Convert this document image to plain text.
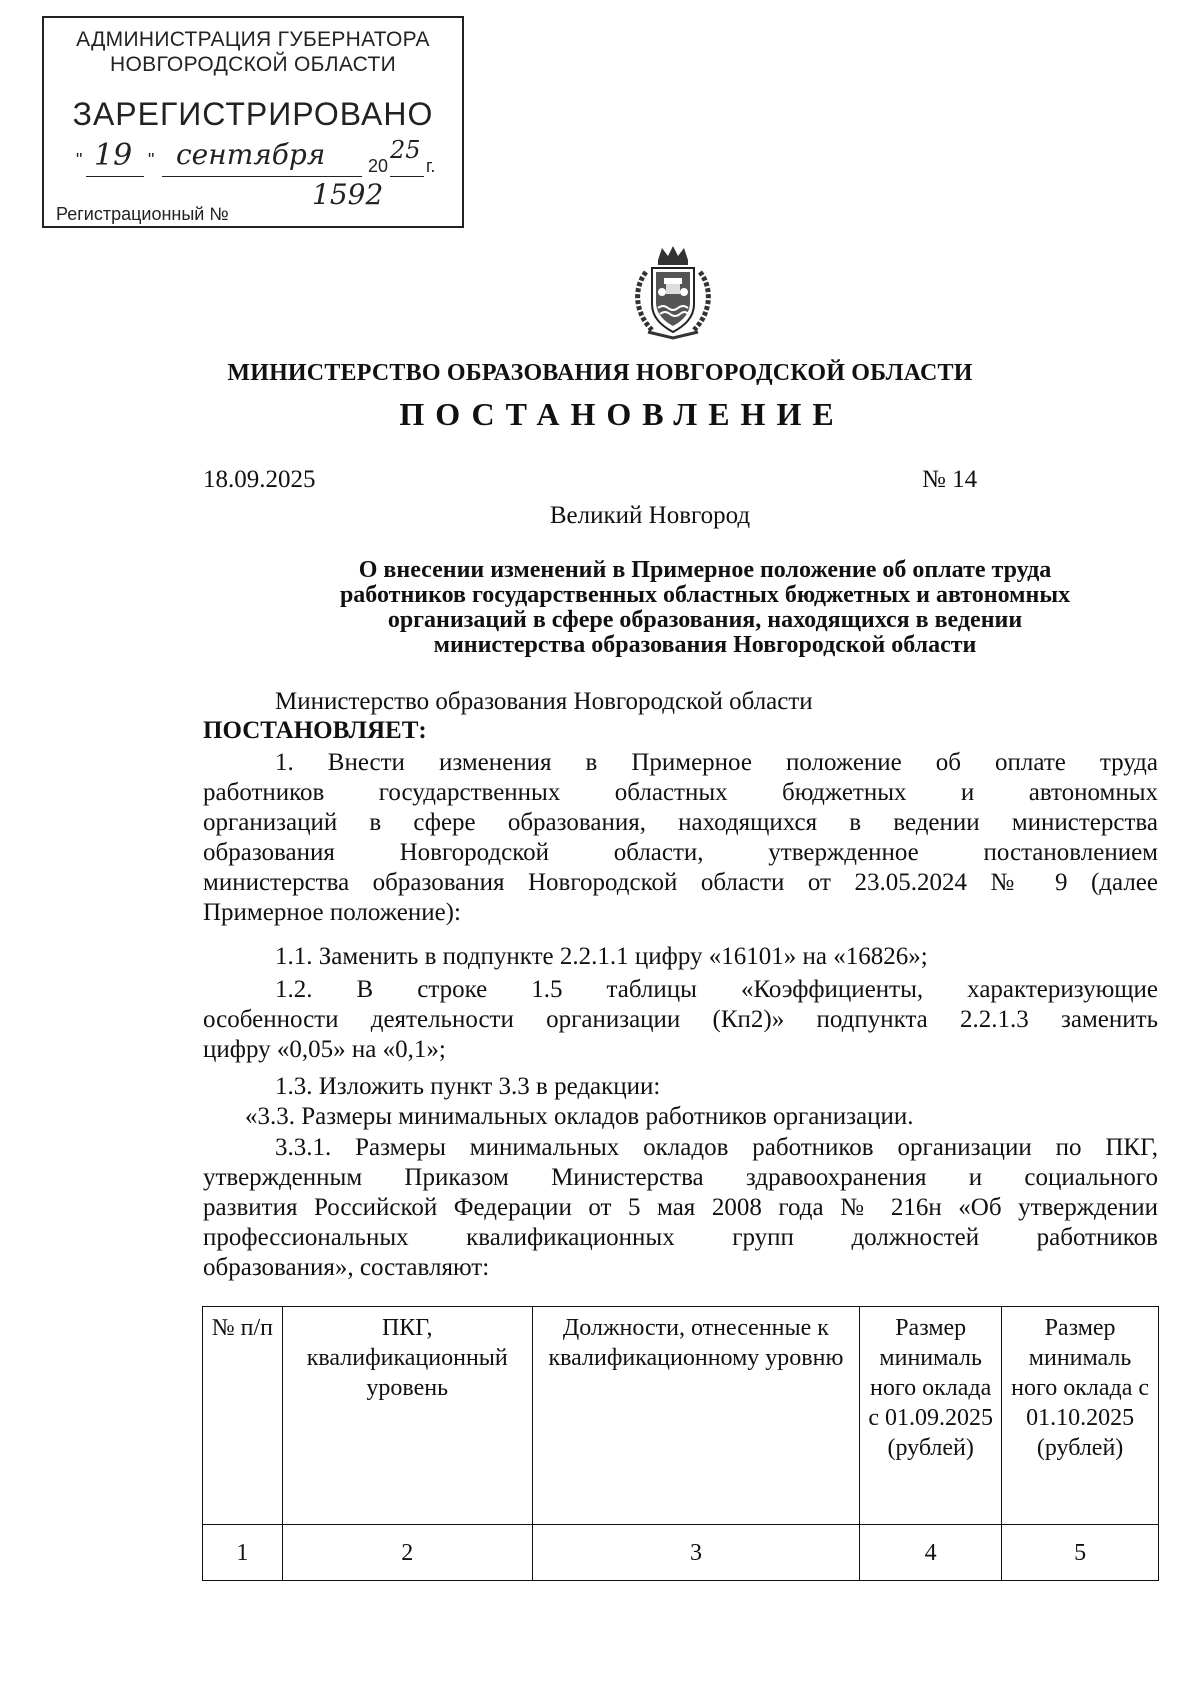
АДМИНИСТРАЦИЯ ГУБЕРНАТОРА
НОВГОРОДСКОЙ ОБЛАСТИ
ЗАРЕГИСТРИРОВАНО
" 19 " сентября 20
25
г.
Регистрационный №
1592
МИНИСТЕРСТВО ОБРАЗОВАНИЯ НОВГОРОДСКОЙ ОБЛАСТИ
ПОСТАНОВЛЕНИЕ
18.09.2025	№ 14
Великий Новгород
О внесении изменений в Примерное положение об оплате труда
работников государственных областных бюджетных и автономных
организаций в сфере образования, находящихся в ведении
министерства образования Новгородской области
Министерство образования Новгородской области
ПОСТАНОВЛЯЕТ:
1. Внести изменения в Примерное положение об оплате труда
работников государственных областных бюджетных и автономных
организаций в сфере образования, находящихся в ведении министерства
образования Новгородской области, утвержденное постановлением
министерства образования Новгородской области от 23.05.2024 № 9 (далее
Примерное положение):
1.1. Заменить в подпункте 2.2.1.1 цифру «16101» на «16826»;
1.2. В строке 1.5 таблицы «Коэффициенты, характеризующие
особенности деятельности организации (Кп2)» подпункта 2.2.1.3 заменить
цифру «0,05» на «0,1»;
1.3. Изложить пункт 3.3 в редакции:
«3.3. Размеры минимальных окладов работников организации.
3.3.1. Размеры минимальных окладов работников организации по ПКГ,
утвержденным Приказом Министерства здравоохранения и социального
развития Российской Федерации от 5 мая 2008 года № 216н «Об утверждении
профессиональных квалификационных групп должностей работников
образования», составляют:
№ п/п	ПКГ, квалификационный уровень	Должности, отнесенные к квалификационному уровню	Размер минималь ного оклада с 01.09.2025 (рублей)	Размер минималь ного оклада с 01.10.2025 (рублей)
1	2	3	4	5
